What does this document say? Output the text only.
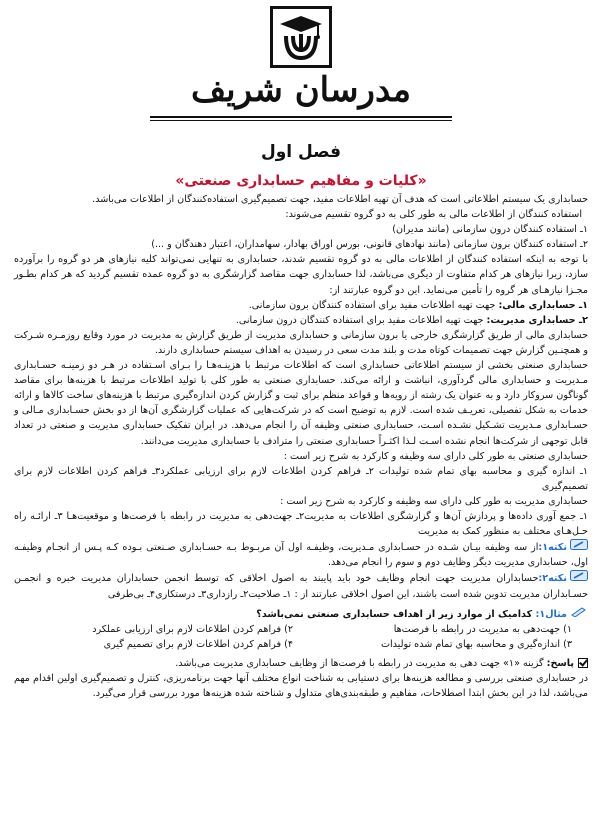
مدرسان شریف
فصل اول
«کلیات و مفاهیم حسابداری صنعتی»

حسابداری یک سیستم اطلاعاتی است که هدف آن تهیه اطلاعات مفید، جهت تصمیم‌گیری استفاده‌کنندگان از اطلاعات می‌باشد.

استفاده کنندگان از اطلاعات مالی به طور کلی به دو گروه تقسیم می‌شوند:

۱ـ استفاده کنندگان درون سازمانی (مانند مدیران)

۲ـ استفاده کنندگان برون سازمانی (مانند نهادهای قانونی، بورس اوراق بهادار، سهامداران، اعتبار دهندگان و ...)

با توجه به اینکه استفاده کنندگان از اطلاعات مالی به دو گروه تقسیم شدند، حسابداری به تنهایی نمی‌تواند کلیه نیازهای هر دو گروه را برآورده سازد، زیرا نیازهای هر کدام متفاوت از دیگری می‌باشد، لذا حسابداری جهت مقاصد گزارشگری به دو گروه عمده تقسیم گردید که هر کدام بطـور مجـزا نیازهـای هر گروه را تأمین می‌نماید. این دو گروه عبارتند از:

۱ـ حسابداری مالی: جهت تهیه اطلاعات مفید برای استفاده کنندگان برون سازمانی.

۲ـ حسابداری مدیریت: جهت تهیه اطلاعات مفید برای استفاده کنندگان درون سازمانی.

حسابداری مالی از طریق گزارشگری خارجی یا برون سازمانی و حسابداری مدیریت از طریق گزارش به مدیریت در مورد وقایع روزمـره شـرکت و همچنـین گزارش جهت تصمیمات کوتاه مدت و بلند مدت سعی در رسیدن به اهداف سیستم حسابداری دارند.

حسابداری صنعتی بخشی از سیستم اطلاعاتی حسابداری است که اطلاعات مرتبط با هزینـه‌هـا را بـرای اسـتفاده در هـر دو زمینـه حسـابداری مـدیریت و حسابداری مالی گردآوری، انباشت و ارائه می‌کند. حسابداری صنعتی به طور کلی با تولید اطلاعات مرتبط با هزینه‌ها برای مقاصد گوناگون سروکار دارد و به عنوان یک رشته از رویه‌ها و قواعد منظم برای ثبت و گزارش کردن اندازه‌گیری مرتبط با هزینه‌های ساخت کالاها و ارائه خدمات به شکل تفصیلی، تعریـف شده است. لازم به توضیح است که در شرکت‌هایی که عملیات گزارشگری آن‌ها از دو بخش حسـابداری مـالی و حسـابداری مـدیریت تشـکیل نشـده اسـت، حسابداری صنعتی وظیفه آن را انجام می‌دهد. در ایران تفکیک حسابداری مدیریت و صنعتی در تعداد قابل توجهی از شرکت‌ها انجام نشده اسـت لـذا اکثـراً حسابداری صنعتی را مترادف با حسابداری مدیریت می‌دانند.

حسابداری صنعتی به طور کلی دارای سه وظیفه و کارکرد به شرح زیر است :

۱ـ اندازه گیری و محاسبه بهای تمام شده تولیدات ۲ـ فراهم کردن اطلاعات لازم برای ارزیابی عملکرد۳ـ فراهم کردن اطلاعات لازم برای تصمیم‌گیری

حسابداری مدیریت به طور کلی دارای سه وظیفه و کارکرد به شرح زیر است :

۱ـ جمع آوری داده‌ها و پردازش آن‌ها و گزارشگری اطلاعات به مدیریت۲ـ جهت‌دهی به مدیریت در رابطه با فرصت‌ها و موقعیت‌هـا ۳ـ ارائـه راه حـل‌هـای مختلف به منظور کمک به مدیریت

نکته۱:از سه وظیفه بیـان شـده در حسـابداری مـدیریت، وظیفـه اول آن مربـوط بـه حسـابداری صـنعتی بـوده کـه پـس از انجـام وظیفـه اول، حسابداری مدیریت دیگر وظایف دوم و سوم را انجام می‌دهد.

نکته۲:حسابداران مدیریت جهت انجام وظایف خود باید پایبند به اصول اخلاقی که توسط انجمن حسابداران مدیریت خبره و انجمـن حسـابداران مدیریت تدوین شده است باشند، این اصول اخلاقی عبارتند از : ۱ـ صلاحیت۲ـ رازداری۳ـ درستکاری۴ـ بی‌طرفی

مثال۱: کدامیک از موارد زیر از اهداف حسابداری صنعتی نمی‌باشد؟

۱) جهت‌دهی به مدیریت در رابطه با فرصت‌ها
۲) فراهم کردن اطلاعات لازم برای ارزیابی عملکرد
۳) اندازه‌گیری و محاسبه بهای تمام شده تولیدات
۴) فراهم کردن اطلاعات لازم برای تصمیم گیری

پاسخ: گزینه «۱» جهت دهی به مدیریت در رابطه با فرصت‌ها از وظایف حسابداری مدیریت می‌باشد.

در حسابداری صنعتی بررسی و مطالعه هزینه‌ها برای دستیابی به شناخت انواع مختلف آنها جهت برنامه‌ریزی، کنترل و تصمیم‌گیری اولین اقدام مهم می‌باشد، لذا در این بخش ابتدا اصطلاحات، مفاهیم و طبقه‌بندی‌های متداول و شناخته شده هزینه‌ها مورد بررسی قرار می‌گیرد.
